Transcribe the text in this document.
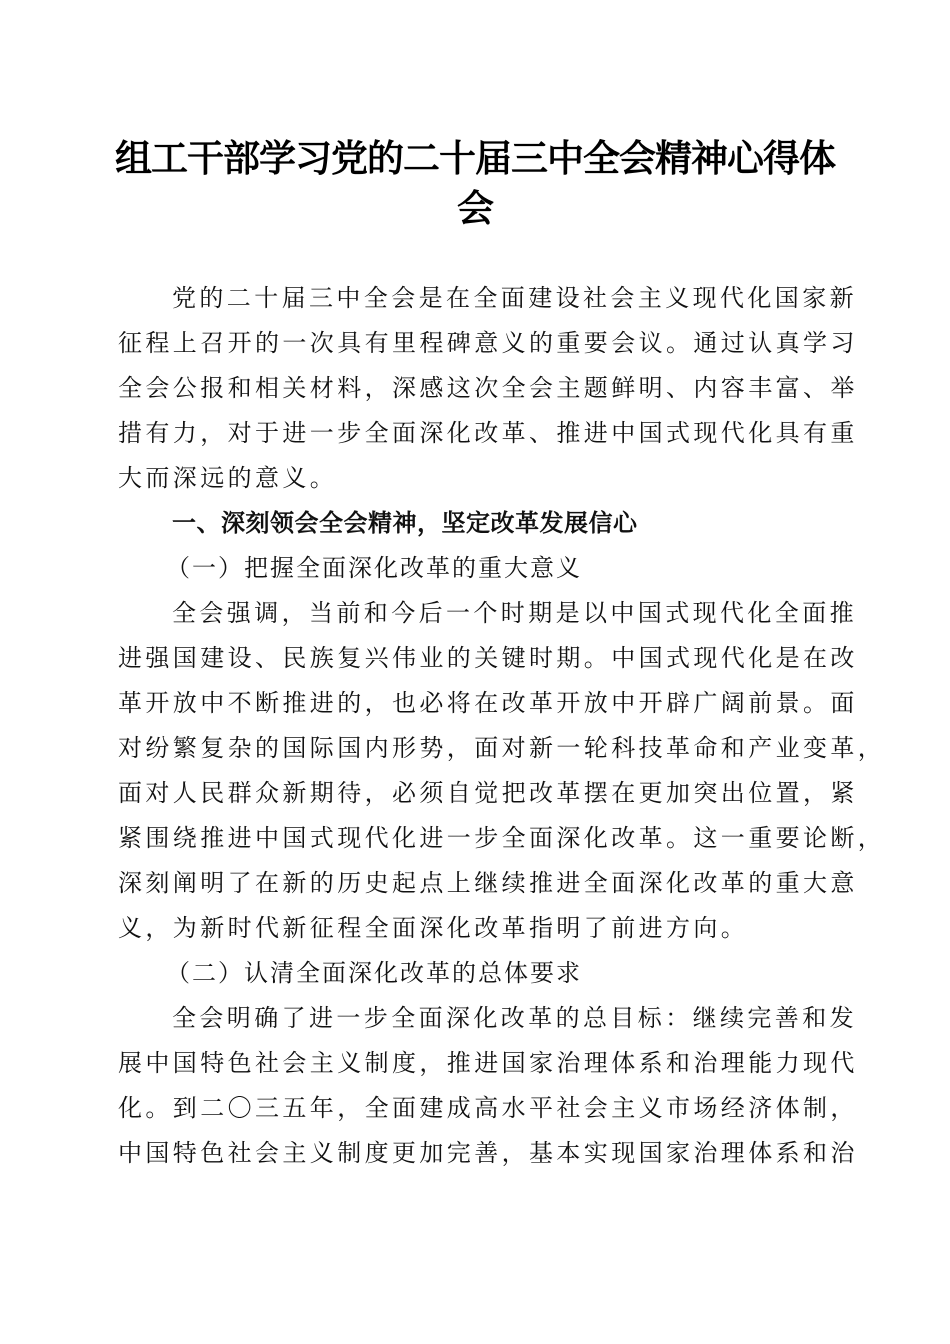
组工干部学习党的二十届三中全会精神心得体
会
党的二十届三中全会是在全面建设社会主义现代化国家新
征程上召开的一次具有里程碑意义的重要会议。通过认真学习
全会公报和相关材料，深感这次全会主题鲜明、内容丰富、举
措有力，对于进一步全面深化改革、推进中国式现代化具有重
大而深远的意义。
一、深刻领会全会精神，坚定改革发展信心
（一）把握全面深化改革的重大意义
全会强调，当前和今后一个时期是以中国式现代化全面推
进强国建设、民族复兴伟业的关键时期。中国式现代化是在改
革开放中不断推进的，也必将在改革开放中开辟广阔前景。面
对纷繁复杂的国际国内形势，面对新一轮科技革命和产业变革，
面对人民群众新期待，必须自觉把改革摆在更加突出位置，紧
紧围绕推进中国式现代化进一步全面深化改革。这一重要论断，
深刻阐明了在新的历史起点上继续推进全面深化改革的重大意
义，为新时代新征程全面深化改革指明了前进方向。
（二）认清全面深化改革的总体要求
全会明确了进一步全面深化改革的总目标：继续完善和发
展中国特色社会主义制度，推进国家治理体系和治理能力现代
化。到二〇三五年，全面建成高水平社会主义市场经济体制，
中国特色社会主义制度更加完善，基本实现国家治理体系和治
